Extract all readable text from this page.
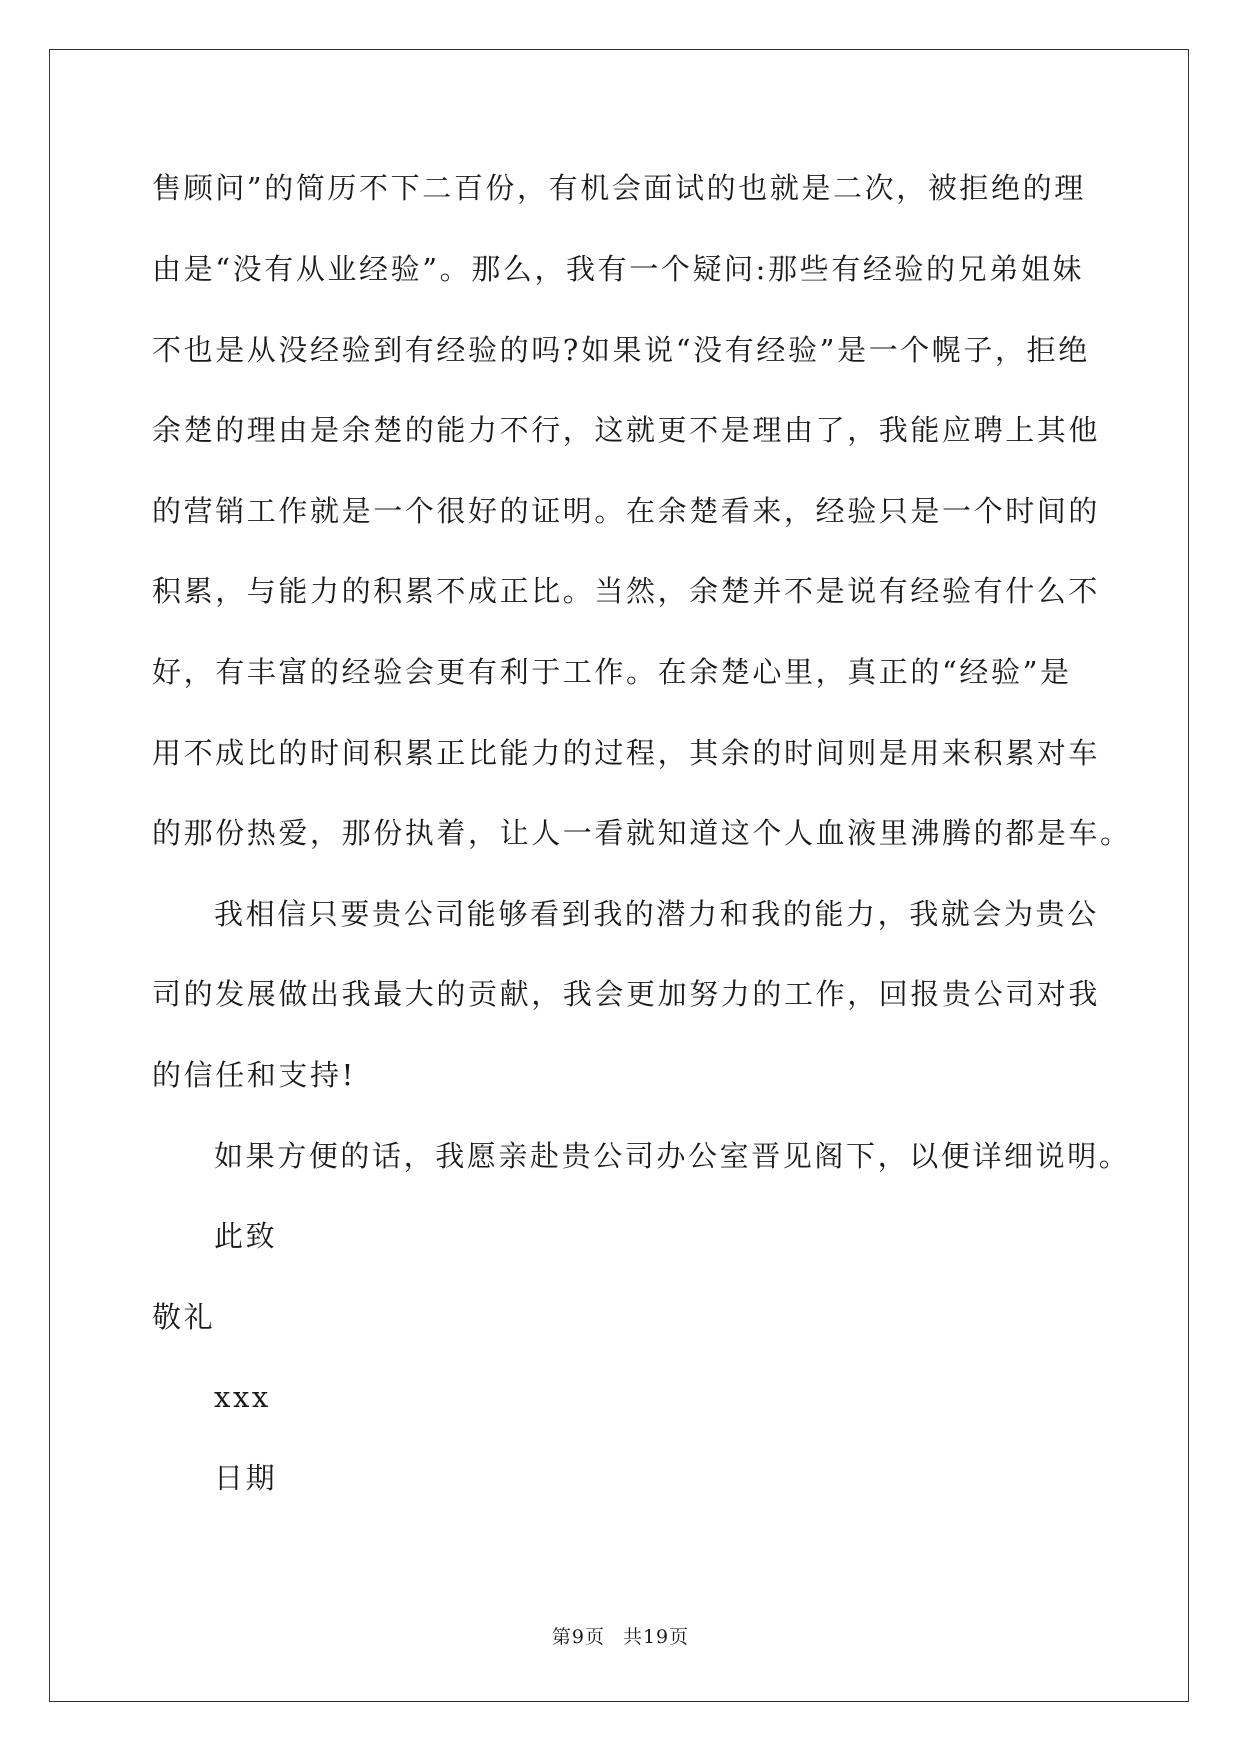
售顾问”的简历不下二百份，有机会面试的也就是二次，被拒绝的理
由是“没有从业经验”。那么，我有一个疑问:那些有经验的兄弟姐妹
不也是从没经验到有经验的吗?如果说“没有经验”是一个幌子，拒绝
余楚的理由是余楚的能力不行，这就更不是理由了，我能应聘上其他
的营销工作就是一个很好的证明。在余楚看来，经验只是一个时间的
积累，与能力的积累不成正比。当然，余楚并不是说有经验有什么不
好，有丰富的经验会更有利于工作。在余楚心里，真正的“经验”是
用不成比的时间积累正比能力的过程，其余的时间则是用来积累对车
的那份热爱，那份执着，让人一看就知道这个人血液里沸腾的都是车。
我相信只要贵公司能够看到我的潜力和我的能力，我就会为贵公
司的发展做出我最大的贡献，我会更加努力的工作，回报贵公司对我
的信任和支持!
如果方便的话，我愿亲赴贵公司办公室晋见阁下，以便详细说明。
此致
敬礼
xxx
日期
第9页 共19页
